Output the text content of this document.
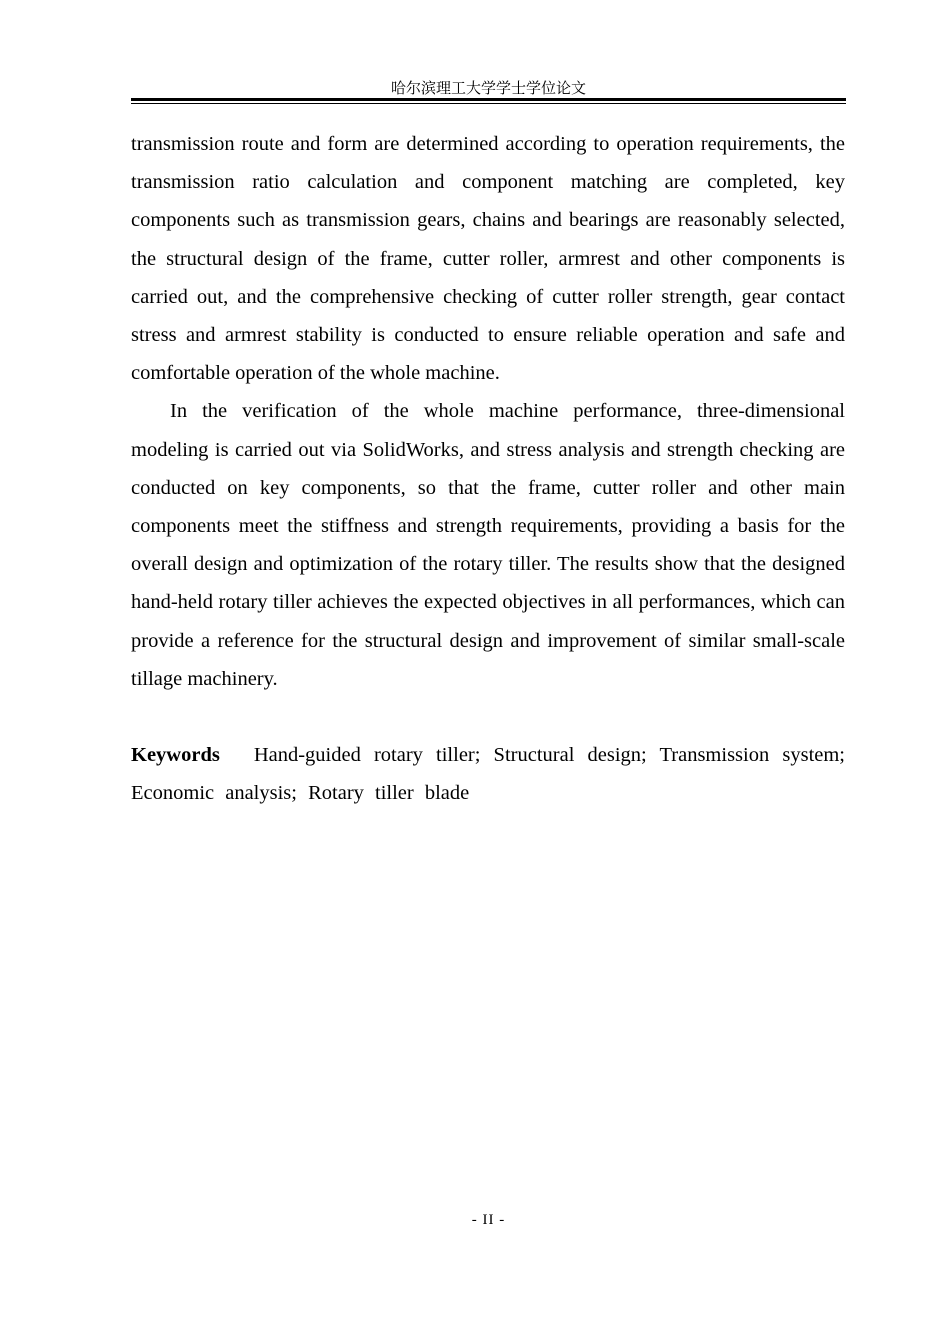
哈尔滨理工大学学士学位论文

transmission route and form are determined according to operation requirements, the transmission ratio calculation and component matching are completed, key components such as transmission gears, chains and bearings are reasonably selected, the structural design of the frame, cutter roller, armrest and other components is carried out, and the comprehensive checking of cutter roller strength, gear contact stress and armrest stability is conducted to ensure reliable operation and safe and comfortable operation of the whole machine.

In the verification of the whole machine performance, three-dimensional modeling is carried out via SolidWorks, and stress analysis and strength checking are conducted on key components, so that the frame, cutter roller and other main components meet the stiffness and strength requirements, providing a basis for the overall design and optimization of the rotary tiller. The results show that the designed hand-held rotary tiller achieves the expected objectives in all performances, which can provide a reference for the structural design and improvement of similar small-scale tillage machinery.

Keywords Hand-guided rotary tiller; Structural design; Transmission system; Economic analysis; Rotary tiller blade

- II -
